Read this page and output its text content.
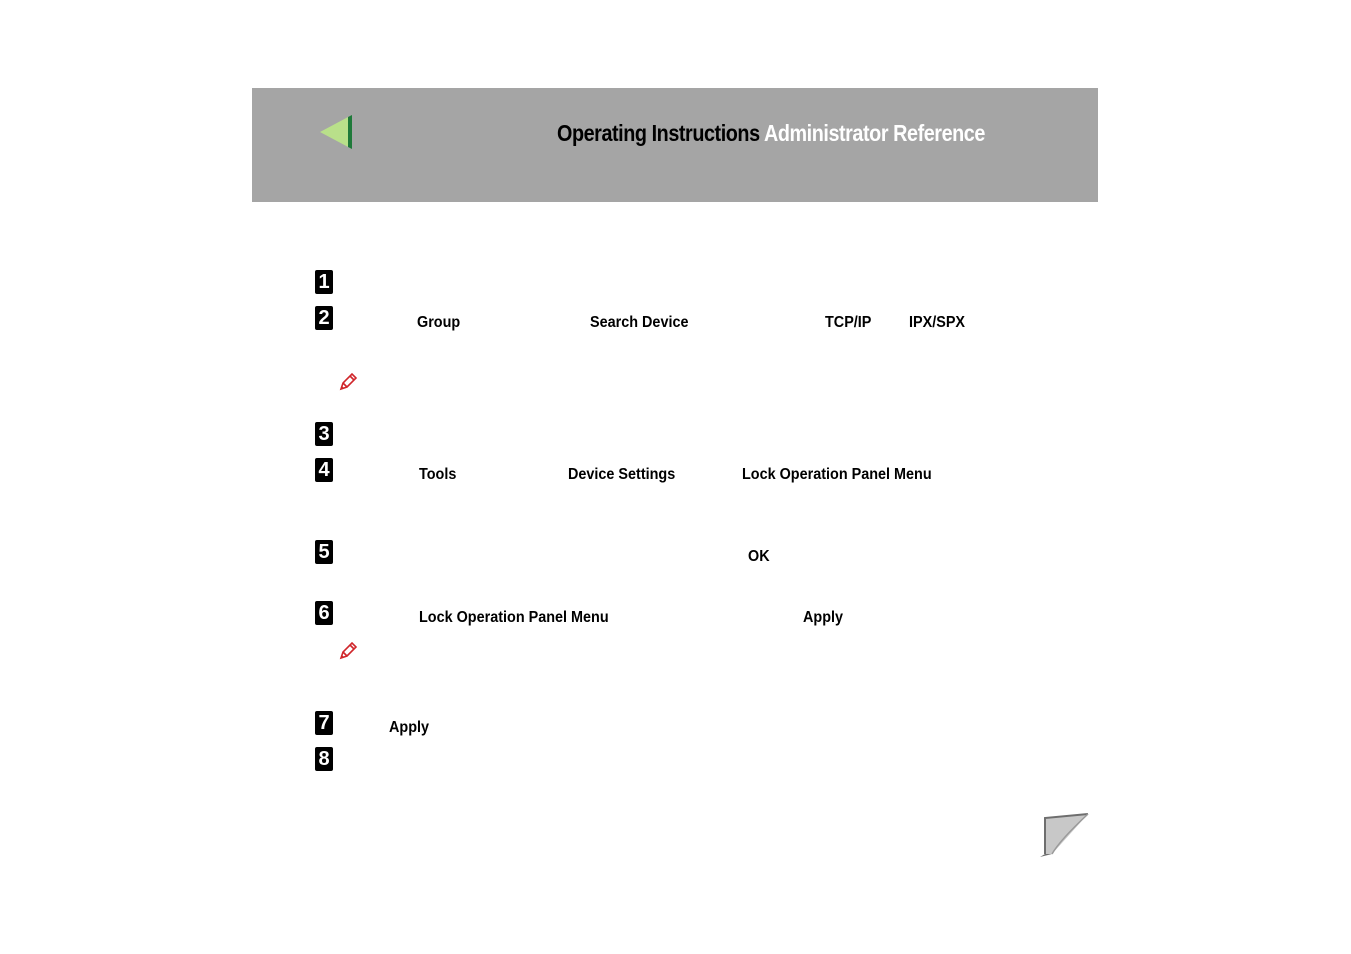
Operating Instructions Administrator Reference
1
2	Group	Search Device	TCP/IP IPX/SPX
3
4	Tools	Device Settings	Lock Operation Panel Menu
5	OK
6	Lock Operation Panel Menu	Apply
7	Apply
8
